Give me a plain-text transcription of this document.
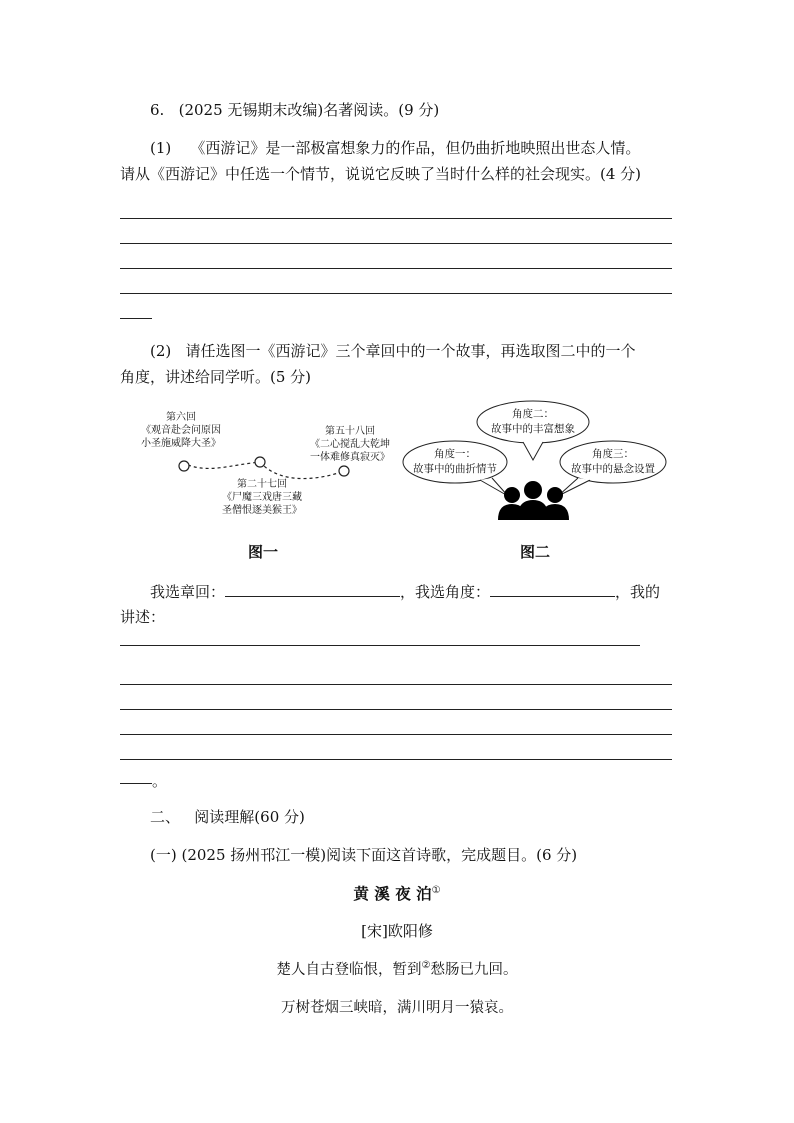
6.   (2025 无锡期末改编)名著阅读。(9 分)
(1)    《西游记》是一部极富想象力的作品，但仍曲折地映照出世态人情。
请从《西游记》中任选一个情节，说说它反映了当时什么样的社会现实。(4 分)
(2)   请任选图一《西游记》三个章回中的一个故事，再选取图二中的一个
角度，讲述给同学听。(5 分)
第六回
《观音赴会问原因
小圣施威降大圣》
第二十七回
《尸魔三戏唐三藏
圣僧恨逐美猴王》
第五十八回
《二心搅乱大乾坤
一体难修真寂灭》
角度二：
故事中的丰富想象
角度一：
故事中的曲折情节
角度三：
故事中的悬念设置
图一	图二
我选章回：	，我选角度：	，我的
讲述：
。
二、   阅读理解(60 分)
(一) (2025 扬州邗江一模)阅读下面这首诗歌，完成题目。(6 分)
黄 溪 夜 泊①
[宋]欧阳修
楚人自古登临恨，暂到②愁肠已九回。
万树苍烟三峡暗，满川明月一猿哀。
